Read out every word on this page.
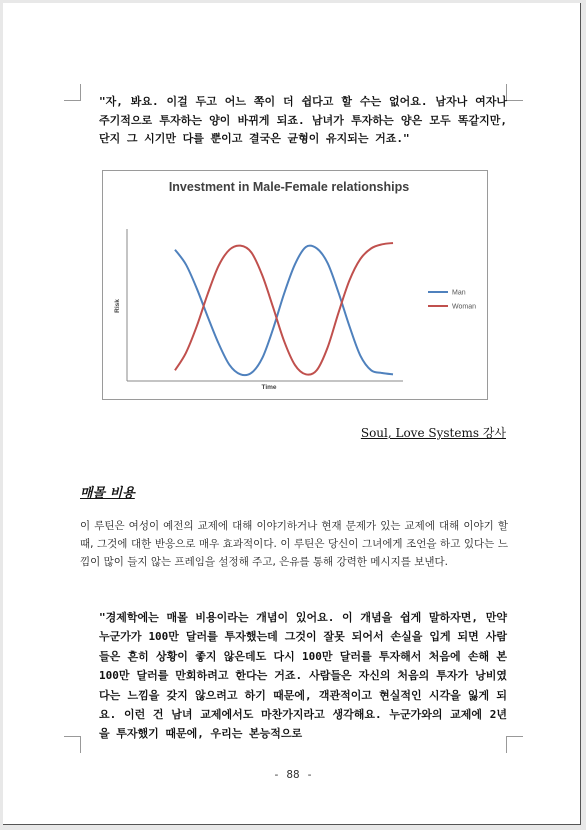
"자, 봐요. 이걸 두고 어느 쪽이 더 쉽다고 할 수는 없어요. 남자나 여자나 주기적으로 투자하는 양이 바뀌게 되죠. 남녀가 투자하는 양은 모두 똑같지만, 단지 그 시기만 다를 뿐이고 결국은 균형이 유지되는 거죠."
Investment in Male-Female relationships
Risk
Time
Man
Woman
Soul, Love Systems 강사
매몰 비용
이 루틴은 여성이 예전의 교제에 대해 이야기하거나 현재 문제가 있는 교제에 대해 이야기 할 때, 그것에 대한 반응으로 매우 효과적이다. 이 루틴은 당신이 그녀에게 조언을 하고 있다는 느낌이 많이 들지 않는 프레임을 설정해 주고, 은유를 통해 강력한 메시지를 보낸다.
"경제학에는 매몰 비용이라는 개념이 있어요. 이 개념을 쉽게 말하자면, 만약 누군가가 100만 달러를 투자했는데 그것이 잘못 되어서 손실을 입게 되면 사람들은 흔히 상황이 좋지 않은데도 다시 100만 달러를 투자해서 처음에 손해 본 100만 달러를 만회하려고 한다는 거죠. 사람들은 자신의 처음의 투자가 낭비였다는 느낌을 갖지 않으려고 하기 때문에, 객관적이고 현실적인 시각을 잃게 되요. 이런 건 남녀 교제에서도 마찬가지라고 생각해요. 누군가와의 교제에 2년을 투자했기 때문에, 우리는 본능적으로
- 88 -
